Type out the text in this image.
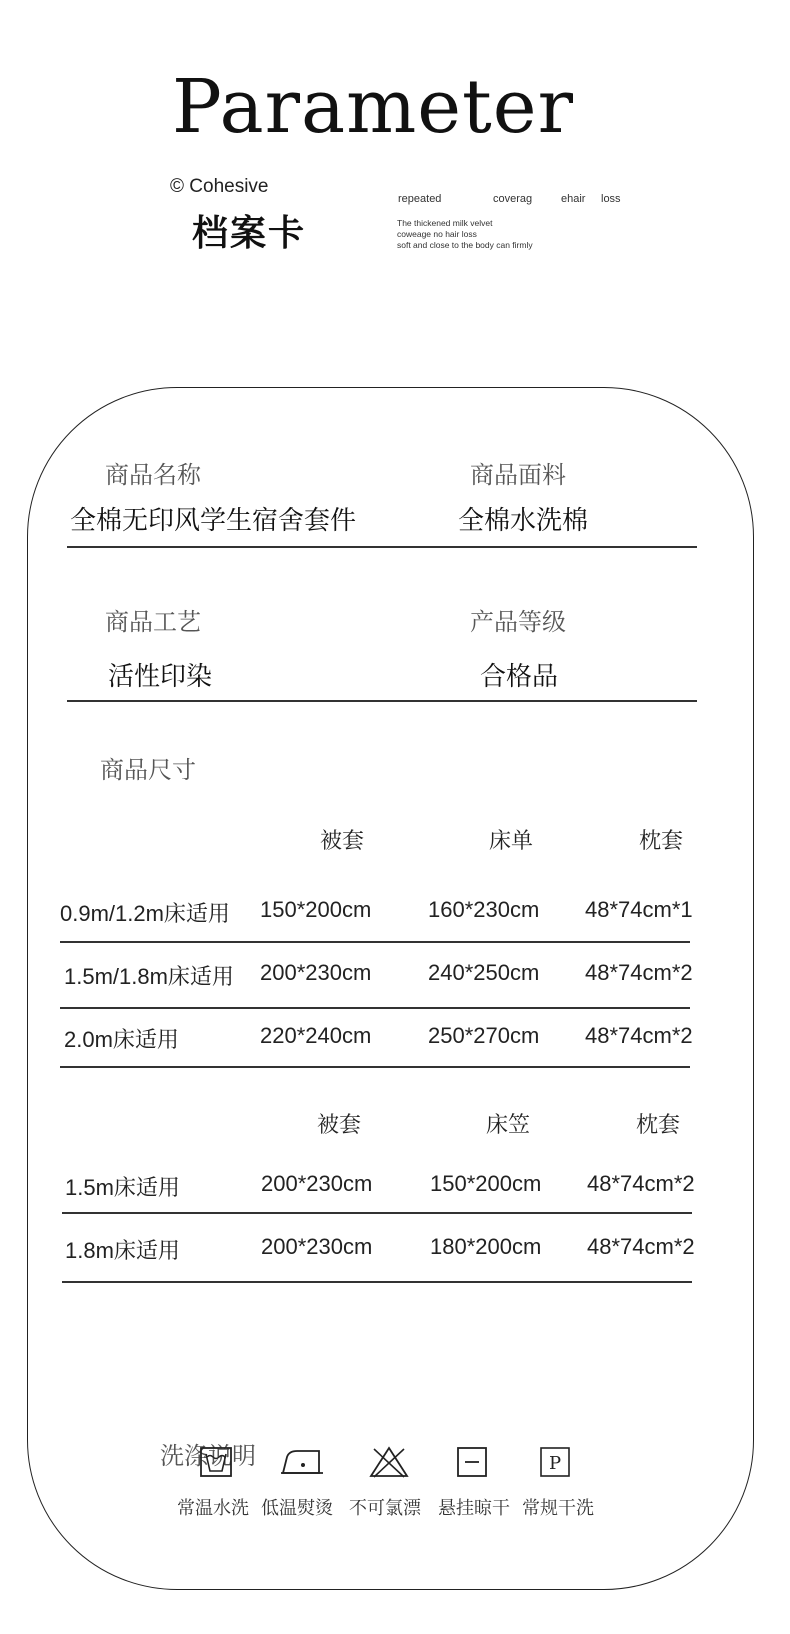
Parameter
© Cohesive
档案卡
repeated	coverag	ehair loss
The thickened milk velvet
coweage no hair loss
soft and close to the body can firmly
商品名称
全棉无印风学生宿舍套件
商品面料
全棉水洗棉
商品工艺
活性印染
产品等级
合格品
商品尺寸
被套	床单	枕套
0.9m/1.2m床适用 150*200cm	160*230cm 48*74cm*1
1.5m/1.8m床适用 200*230cm	240*250cm 48*74cm*2
2.0m床适用	220*240cm	250*270cm 48*74cm*2
被套	床笠	枕套
1.5m床适用	200*230cm	150*200cm 48*74cm*2
1.8m床适用	200*230cm	180*200cm 48*74cm*2
洗涤说明	P
常温水洗 低温熨烫 不可氯漂 悬挂晾干 常规干洗
